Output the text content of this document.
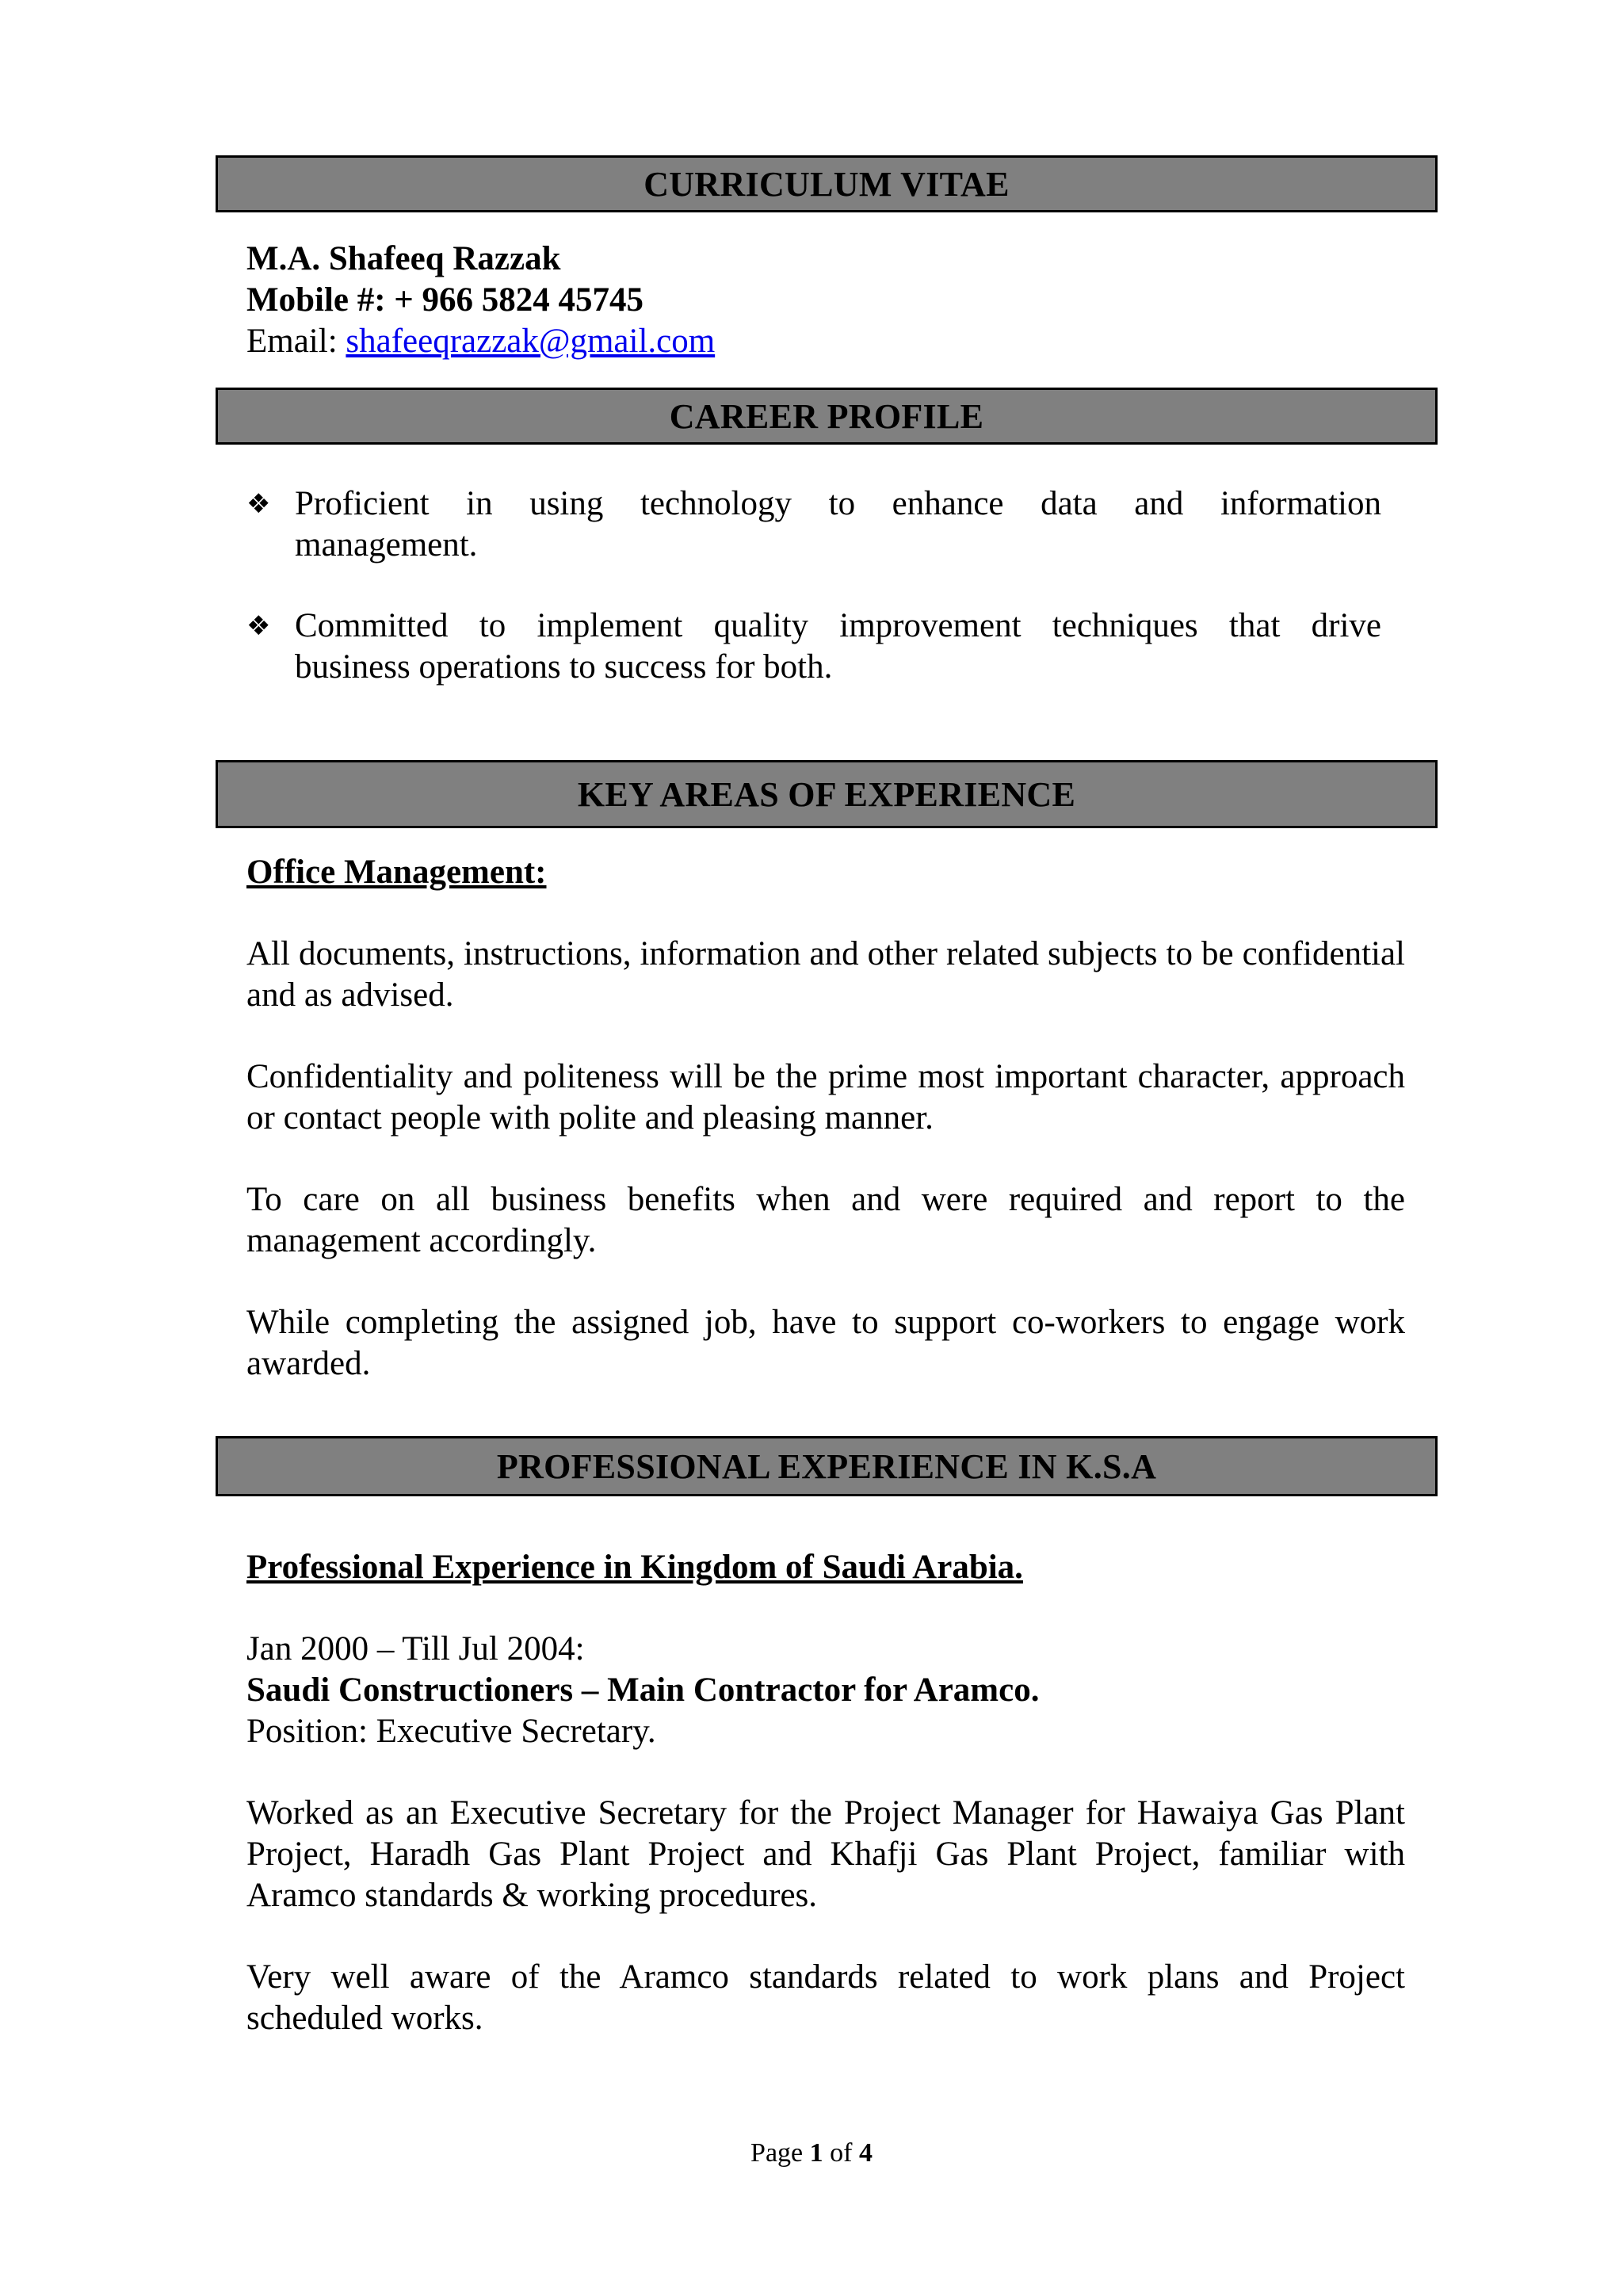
CURRICULUM VITAE
M.A. Shafeeq Razzak
Mobile #: + 966 5824 45745
Email: shafeeqrazzak@gmail.com
CAREER PROFILE
❖ Proficient in using technology to enhance data and information
management.
❖ Committed to implement quality improvement techniques that drive
business operations to success for both.
KEY AREAS OF EXPERIENCE
Office Management:

All documents, instructions, information and other related subjects to be confidential and as advised.

Confidentiality and politeness will be the prime most important character, approach or contact people with polite and pleasing manner.

To care on all business benefits when and were required and report to the management accordingly.

While completing the assigned job, have to support co-workers to engage work awarded.

PROFESSIONAL EXPERIENCE IN K.S.A
Professional Experience in Kingdom of Saudi Arabia.
Jan 2000 – Till Jul 2004:
Saudi Constructioners – Main Contractor for Aramco.
Position: Executive Secretary.

Worked as an Executive Secretary for the Project Manager for Hawaiya Gas Plant Project, Haradh Gas Plant Project and Khafji Gas Plant Project, familiar with Aramco standards & working procedures.

Very well aware of the Aramco standards related to work plans and Project scheduled works.

Page 1 of 4
